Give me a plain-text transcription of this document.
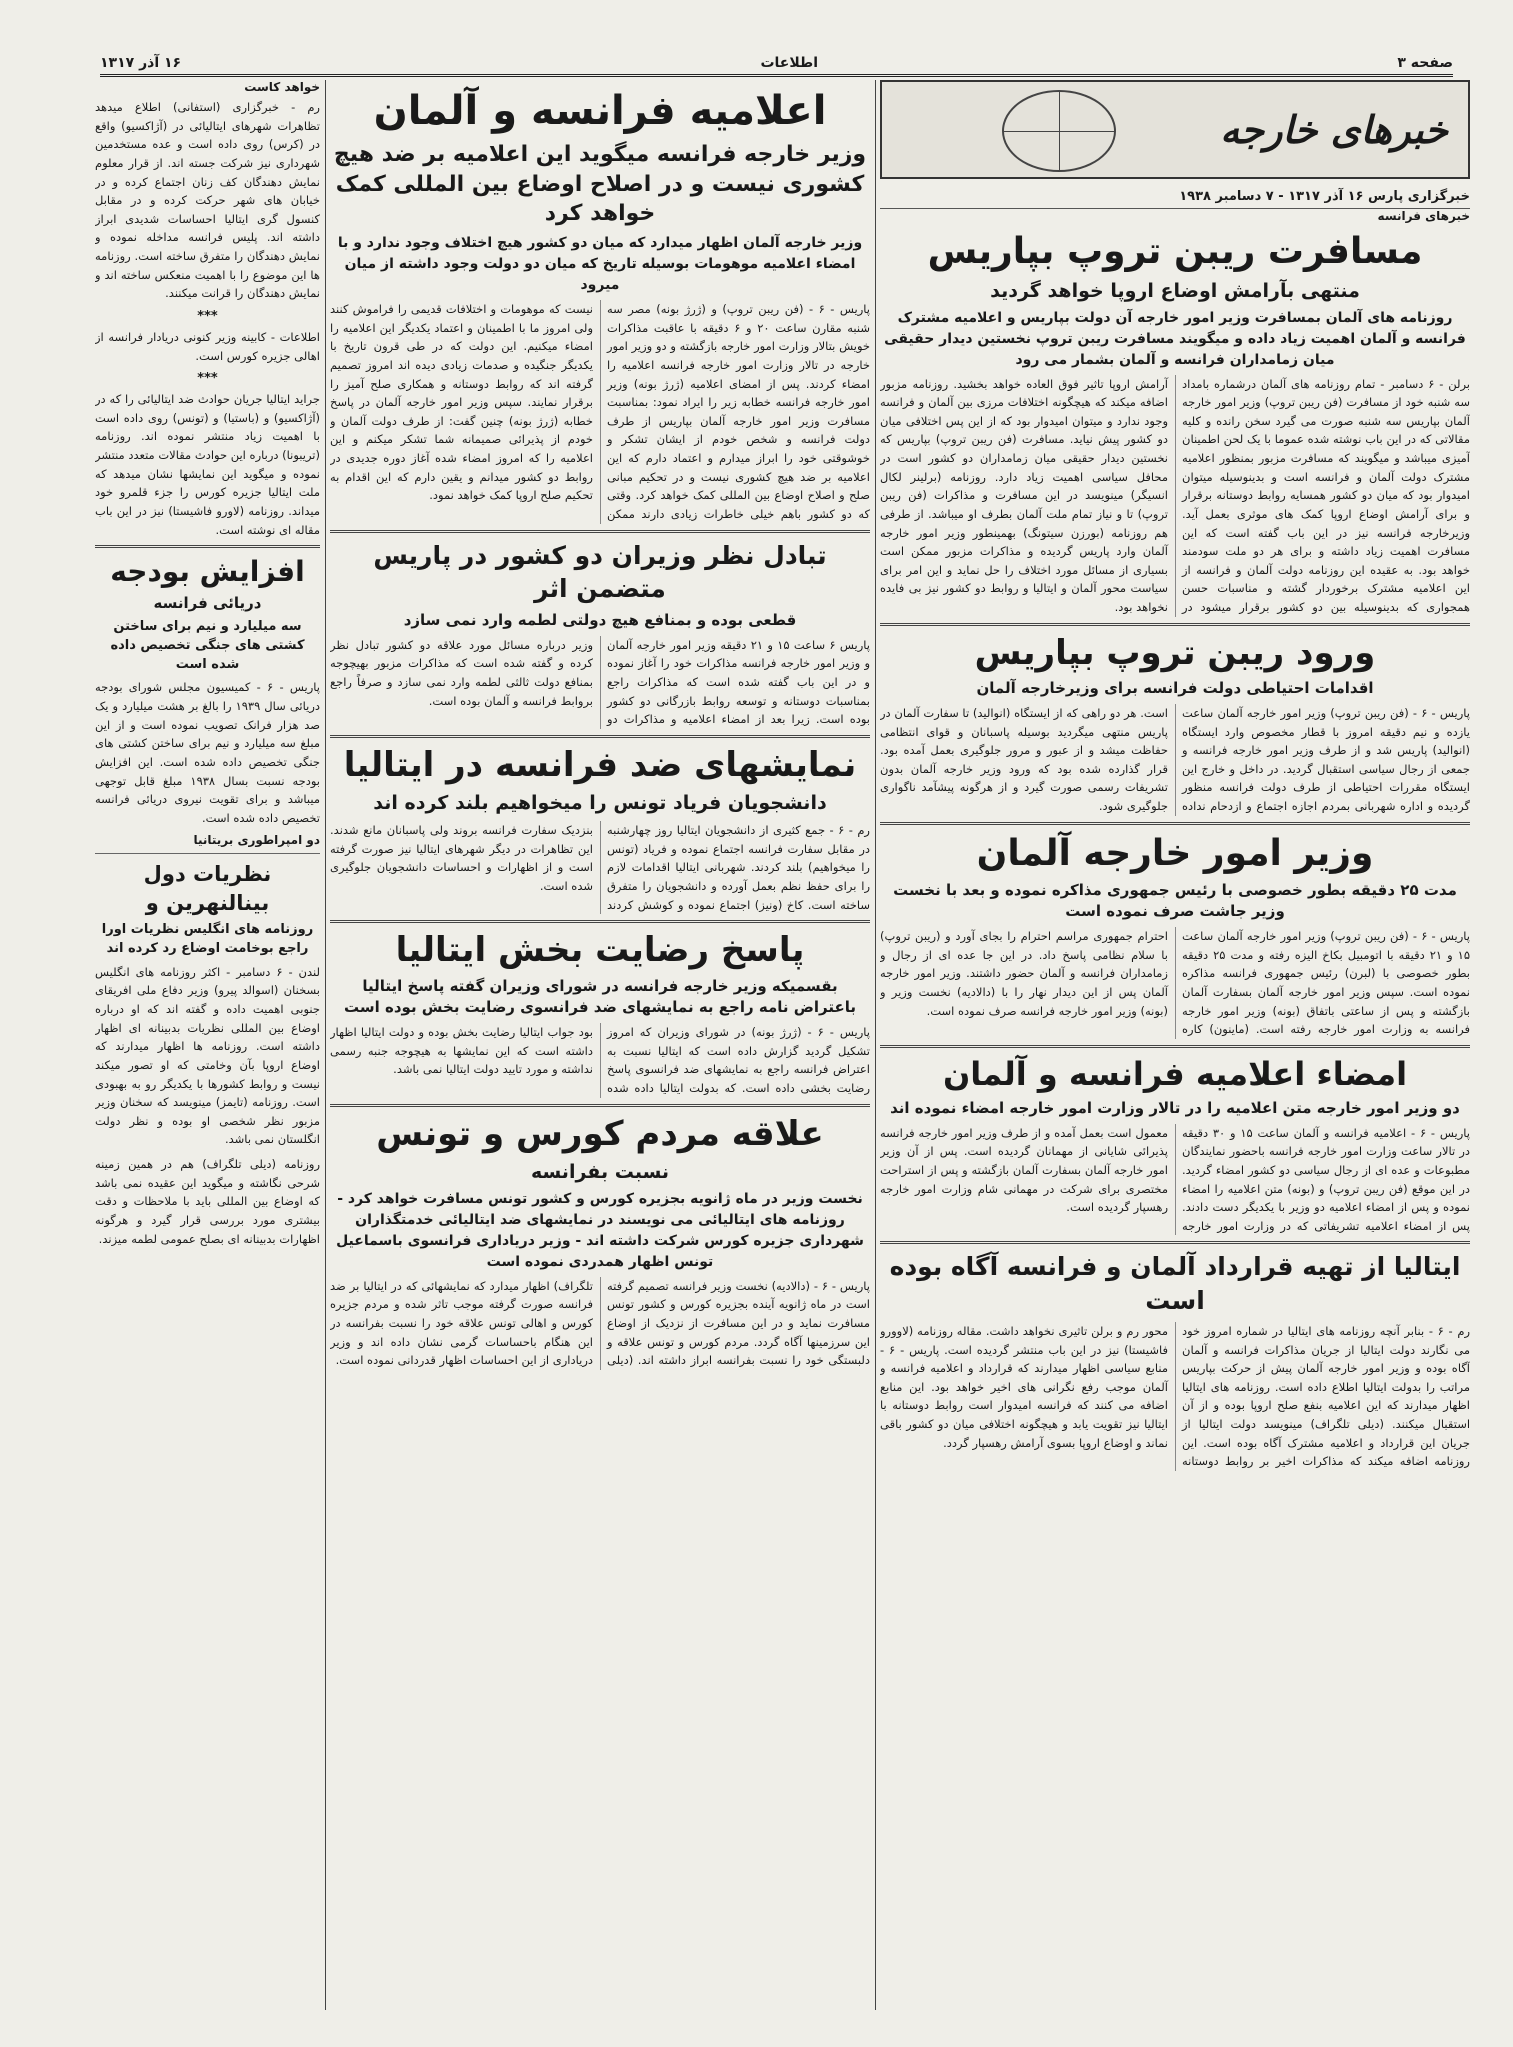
صفحه ۳
اطلاعات
۱۶ آذر ۱۳۱۷
خبرهای خارجه
خبرگزاری پارس ۱۶ آذر ۱۳۱۷ - ۷ دسامبر ۱۹۳۸
خبرهای فرانسه
مسافرت ریبن تروپ بپاریس
منتهی بآرامش اوضاع اروپا خواهد گردید
روزنامه های آلمان بمسافرت وزیر امور خارجه آن دولت بپاریس و اعلامیه مشترک فرانسه و آلمان اهمیت زیاد داده و میگویند مسافرت ریبن تروپ نخستین دیدار حقیقی میان زمامداران فرانسه و آلمان بشمار می رود
برلن - ۶ دسامبر - تمام روزنامه های آلمان درشماره بامداد سه شنبه خود از مسافرت (فن ریبن تروپ) وزیر امور خارجه آلمان بپاریس سه شنبه صورت می گیرد سخن رانده و کلیه مقالاتی که در این باب نوشته شده عموما با یک لحن اطمینان آمیزی میباشد و میگویند که مسافرت مزبور بمنظور اعلامیه مشترک دولت آلمان و فرانسه است و بدینوسیله میتوان امیدوار بود که میان دو کشور همسایه روابط دوستانه برقرار و برای آرامش اوضاع اروپا کمک های موثری بعمل آید. وزیرخارجه فرانسه نیز در این باب گفته است که این مسافرت اهمیت زیاد داشته و برای هر دو ملت سودمند خواهد بود. به عقیده این روزنامه دولت آلمان و فرانسه از این اعلامیه مشترک برخوردار گشته و مناسبات حسن همجواری که بدینوسیله بین دو کشور برقرار میشود در آرامش اروپا تاثیر فوق العاده خواهد بخشید. روزنامه مزبور اضافه میکند که هیچگونه اختلافات مرزی بین آلمان و فرانسه وجود ندارد و میتوان امیدوار بود که از این پس اختلافی میان دو کشور پیش نیاید. مسافرت (فن ریبن تروپ) بپاریس که نخستین دیدار حقیقی میان زمامداران دو کشور است در محافل سیاسی اهمیت زیاد دارد. روزنامه (برلینر لکال انسیگر) مینویسد در این مسافرت و مذاکرات (فن ریبن تروپ) تا و نیاز تمام ملت آلمان بطرف او میباشد. از طرفی هم روزنامه (بورزن سیتونگ) بهمینطور وزیر امور خارجه آلمان وارد پاریس گردیده و مذاکرات مزبور ممکن است بسیاری از مسائل مورد اختلاف را حل نماید و این امر برای سیاست محور آلمان و ایتالیا و روابط دو کشور نیز بی فایده نخواهد بود.
ورود ریبن تروپ بپاریس
اقدامات احتیاطی دولت فرانسه برای وزیرخارجه آلمان
پاریس - ۶ - (فن ریبن تروپ) وزیر امور خارجه آلمان ساعت یازده و نیم دقیقه امروز با قطار مخصوص وارد ایستگاه (انوالید) پاریس شد و از طرف وزیر امور خارجه فرانسه و جمعی از رجال سیاسی استقبال گردید. در داخل و خارج این ایستگاه مقررات احتیاطی از طرف دولت فرانسه منظور گردیده و اداره شهربانی بمردم اجازه اجتماع و ازدحام نداده است. هر دو راهی که از ایستگاه (انوالید) تا سفارت آلمان در پاریس منتهی میگردید بوسیله پاسبانان و قوای انتظامی حفاظت میشد و از عبور و مرور جلوگیری بعمل آمده بود. قرار گذارده شده بود که ورود وزیر خارجه آلمان بدون تشریفات رسمی صورت گیرد و از هرگونه پیشآمد ناگواری جلوگیری شود.
وزیر امور خارجه آلمان
مدت ۲۵ دقیقه بطور خصوصی با رئیس جمهوری مذاکره نموده و بعد با نخست وزیر جاشت صرف نموده است
پاریس - ۶ - (فن ریبن تروپ) وزیر امور خارجه آلمان ساعت ۱۵ و ۲۱ دقیقه با اتومبیل بکاخ الیزه رفته و مدت ۲۵ دقیقه بطور خصوصی با (لبرن) رئیس جمهوری فرانسه مذاکره نموده است. سپس وزیر امور خارجه آلمان بسفارت آلمان بازگشته و پس از ساعتی باتفاق (بونه) وزیر امور خارجه فرانسه به وزارت امور خارجه رفته است. (ماینون) کاره احترام جمهوری مراسم احترام را بجای آورد و (ریبن تروپ) با سلام نظامی پاسخ داد. در این جا عده ای از رجال و زمامداران فرانسه و آلمان حضور داشتند. وزیر امور خارجه آلمان پس از این دیدار نهار را با (دالادیه) نخست وزیر و (بونه) وزیر امور خارجه فرانسه صرف نموده است.
امضاء اعلامیه فرانسه و آلمان
دو وزیر امور خارجه متن اعلامیه را در تالار وزارت امور خارجه امضاء نموده اند
پاریس - ۶ - اعلامیه فرانسه و آلمان ساعت ۱۵ و ۳۰ دقیقه در تالار ساعت وزارت امور خارجه فرانسه باحضور نمایندگان مطبوعات و عده ای از رجال سیاسی دو کشور امضاء گردید. در این موقع (فن ریبن تروپ) و (بونه) متن اعلامیه را امضاء نموده و پس از امضاء اعلامیه دو وزیر با یکدیگر دست دادند. پس از امضاء اعلامیه تشریفاتی که در وزارت امور خارجه معمول است بعمل آمده و از طرف وزیر امور خارجه فرانسه پذیرائی شایانی از مهمانان گردیده است. پس از آن وزیر امور خارجه آلمان بسفارت آلمان بازگشته و پس از استراحت مختصری برای شرکت در مهمانی شام وزارت امور خارجه رهسپار گردیده است.
ایتالیا از تهیه قرارداد آلمان و فرانسه آگاه بوده است
رم - ۶ - بنابر آنچه روزنامه های ایتالیا در شماره امروز خود می نگارند دولت ایتالیا از جریان مذاکرات فرانسه و آلمان آگاه بوده و وزیر امور خارجه آلمان پیش از حرکت بپاریس مراتب را بدولت ایتالیا اطلاع داده است. روزنامه های ایتالیا اظهار میدارند که این اعلامیه بنفع صلح اروپا بوده و از آن استقبال میکنند. (دیلی تلگراف) مینویسد دولت ایتالیا از جریان این قرارداد و اعلامیه مشترک آگاه بوده است. این روزنامه اضافه میکند که مذاکرات اخیر بر روابط دوستانه محور رم و برلن تاثیری نخواهد داشت. مقاله روزنامه (لاوورو فاشیستا) نیز در این باب منتشر گردیده است. پاریس - ۶ - منابع سیاسی اظهار میدارند که قرارداد و اعلامیه فرانسه و آلمان موجب رفع نگرانی های اخیر خواهد بود. این منابع اضافه می کنند که فرانسه امیدوار است روابط دوستانه با ایتالیا نیز تقویت یابد و هیچگونه اختلافی میان دو کشور باقی نماند و اوضاع اروپا بسوی آرامش رهسپار گردد.
اعلامیه فرانسه و آلمان
وزیر خارجه فرانسه میگوید این اعلامیه بر ضد هیچ کشوری نیست و در اصلاح اوضاع بین المللی کمک خواهد کرد
وزیر خارجه آلمان اظهار میدارد که میان دو کشور هیچ اختلاف وجود ندارد و با امضاء اعلامیه موهومات بوسیله تاریخ که میان دو دولت وجود داشته از میان میرود
پاریس - ۶ - (فن ریبن تروپ) و (ژرژ بونه) مصر سه شنبه مقارن ساعت ۲۰ و ۶ دقیقه با عاقبت مذاکرات خویش بتالار وزارت امور خارجه بازگشته و دو وزیر امور خارجه در تالار وزارت امور خارجه فرانسه اعلامیه را امضاء کردند. پس از امضای اعلامیه (ژرژ بونه) وزیر امور خارجه فرانسه خطابه زیر را ایراد نمود: بمناسبت مسافرت وزیر امور خارجه آلمان بپاریس از طرف دولت فرانسه و شخص خودم از ایشان تشکر و خوشوقتی خود را ابراز میدارم و اعتماد دارم که این اعلامیه بر ضد هیچ کشوری نیست و در تحکیم مبانی صلح و اصلاح اوضاع بین المللی کمک خواهد کرد. وقتی که دو کشور باهم خیلی خاطرات زیادی دارند ممکن نیست که موهومات و اختلافات قدیمی را فراموش کنند ولی امروز ما با اطمینان و اعتماد یکدیگر این اعلامیه را امضاء میکنیم. این دولت که در طی قرون تاریخ با یکدیگر جنگیده و صدمات زیادی دیده اند امروز تصمیم گرفته اند که روابط دوستانه و همکاری صلح آمیز را برقرار نمایند. سپس وزیر امور خارجه آلمان در پاسخ خطابه (ژرژ بونه) چنین گفت: از طرف دولت آلمان و خودم از پذیرائی صمیمانه شما تشکر میکنم و این اعلامیه را که امروز امضاء شده آغاز دوره جدیدی در روابط دو کشور میدانم و یقین دارم که این اقدام به تحکیم صلح اروپا کمک خواهد نمود.
تبادل نظر وزیران دو کشور در پاریس متضمن اثر
قطعی بوده و بمنافع هیچ دولتی لطمه وارد نمی سازد
پاریس ۶ ساعت ۱۵ و ۲۱ دقیقه وزیر امور خارجه آلمان و وزیر امور خارجه فرانسه مذاکرات خود را آغاز نموده و در این باب گفته شده است که مذاکرات راجع بمناسبات دوستانه و توسعه روابط بازرگانی دو کشور بوده است. زیرا بعد از امضاء اعلامیه و مذاکرات دو وزیر درباره مسائل مورد علاقه دو کشور تبادل نظر کرده و گفته شده است که مذاکرات مزبور بهیچوجه بمنافع دولت ثالثی لطمه وارد نمی سازد و صرفاً راجع بروابط فرانسه و آلمان بوده است.
نمایشهای ضد فرانسه در ایتالیا
دانشجویان فریاد تونس را میخواهیم بلند کرده اند
رم - ۶ - جمع کثیری از دانشجویان ایتالیا روز چهارشنبه در مقابل سفارت فرانسه اجتماع نموده و فریاد (تونس را میخواهیم) بلند کردند. شهربانی ایتالیا اقدامات لازم را برای حفظ نظم بعمل آورده و دانشجویان را متفرق ساخته است. کاخ (ونیز) اجتماع نموده و کوشش کردند بنزدیک سفارت فرانسه بروند ولی پاسبانان مانع شدند. این تظاهرات در دیگر شهرهای ایتالیا نیز صورت گرفته است و از اظهارات و احساسات دانشجویان جلوگیری شده است.
پاسخ رضایت بخش ایتالیا
بقسمیکه وزیر خارجه فرانسه در شورای وزیران گفته پاسخ ایتالیا باعتراض نامه راجع به نمایشهای ضد فرانسوی رضایت بخش بوده است
پاریس - ۶ - (ژرژ بونه) در شورای وزیران که امروز تشکیل گردید گزارش داده است که ایتالیا نسبت به اعتراض فرانسه راجع به نمایشهای ضد فرانسوی پاسخ رضایت بخشی داده است. که بدولت ایتالیا داده شده بود جواب ایتالیا رضایت بخش بوده و دولت ایتالیا اظهار داشته است که این نمایشها به هیچوجه جنبه رسمی نداشته و مورد تایید دولت ایتالیا نمی باشد.
علاقه مردم کورس و تونس
نسبت بفرانسه
نخست وزیر در ماه ژانویه بجزیره کورس و کشور تونس مسافرت خواهد کرد - روزنامه های ایتالیائی می نویسند در نمایشهای ضد ایتالیائی خدمتگذاران شهرداری جزیره کورس شرکت داشته اند - وزیر دریاداری فرانسوی باسماعیل تونس اظهار همدردی نموده است
پاریس - ۶ - (دالادیه) نخست وزیر فرانسه تصمیم گرفته است در ماه ژانویه آینده بجزیره کورس و کشور تونس مسافرت نماید و در این مسافرت از نزدیک از اوضاع این سرزمینها آگاه گردد. مردم کورس و تونس علاقه و دلبستگی خود را نسبت بفرانسه ابراز داشته اند. (دیلی تلگراف) اظهار میدارد که نمایشهائی که در ایتالیا بر ضد فرانسه صورت گرفته موجب تاثر شده و مردم جزیره کورس و اهالی تونس علاقه خود را نسبت بفرانسه در این هنگام باحساسات گرمی نشان داده اند و وزیر دریاداری از این احساسات اظهار قدردانی نموده است.
خواهد کاست
رم - خبرگزاری (استفانی) اطلاع میدهد تظاهرات شهرهای ایتالیائی در (آژاکسیو) واقع در (کرس) روی داده است و عده مستخدمین شهرداری نیز شرکت جسته اند. از قرار معلوم نمایش دهندگان کف زنان اجتماع کرده و در خیابان های شهر حرکت کرده و در مقابل کنسول گری ایتالیا احساسات شدیدی ابراز داشته اند. پلیس فرانسه مداخله نموده و نمایش دهندگان را متفرق ساخته است. روزنامه ها این موضوع را با اهمیت منعکس ساخته اند و نمایش دهندگان را قرانت میکنند.
***
اطلاعات - کابینه وزیر کنونی دریادار فرانسه از اهالی جزیره کورس است.
***
جراید ایتالیا جریان حوادث ضد ایتالیائی را که در (آژاکسیو) و (باستیا) و (تونس) روی داده است با اهمیت زیاد منتشر نموده اند. روزنامه (تریبونا) درباره این حوادث مقالات متعدد منتشر نموده و میگوید این نمایشها نشان میدهد که ملت ایتالیا جزیره کورس را جزء قلمرو خود میداند. روزنامه (لاورو فاشیستا) نیز در این باب مقاله ای نوشته است.
افزایش بودجه
دریائی فرانسه
سه میلیارد و نیم برای ساختن کشتی های جنگی تخصیص داده شده است
پاریس - ۶ - کمیسیون مجلس شورای بودجه دریائی سال ۱۹۳۹ را بالغ بر هشت میلیارد و یک صد هزار فرانک تصویب نموده است و از این مبلغ سه میلیارد و نیم برای ساختن کشتی های جنگی تخصیص داده شده است. این افزایش بودجه نسبت بسال ۱۹۳۸ مبلغ قابل توجهی میباشد و برای تقویت نیروی دریائی فرانسه تخصیص داده شده است.
دو امپراطوری بریتانیا
نظریات دول بینالنهرین و
روزنامه های انگلیس نظریات اورا راجع بوخامت اوضاع رد کرده اند
لندن - ۶ دسامبر - اکثر روزنامه های انگلیس بسخنان (اسوالد پیرو) وزیر دفاع ملی افریقای جنوبی اهمیت داده و گفته اند که او درباره اوضاع بین المللی نظریات بدبینانه ای اظهار داشته است. روزنامه ها اظهار میدارند که اوضاع اروپا بآن وخامتی که او تصور میکند نیست و روابط کشورها با یکدیگر رو به بهبودی است. روزنامه (تایمز) مینویسد که سخنان وزیر مزبور نظر شخصی او بوده و نظر دولت انگلستان نمی باشد.
روزنامه (دیلی تلگراف) هم در همین زمینه شرحی نگاشته و میگوید این عقیده نمی باشد که اوضاع بین المللی باید با ملاحظات و دقت بیشتری مورد بررسی قرار گیرد و هرگونه اظهارات بدبینانه ای بصلح عمومی لطمه میزند.
